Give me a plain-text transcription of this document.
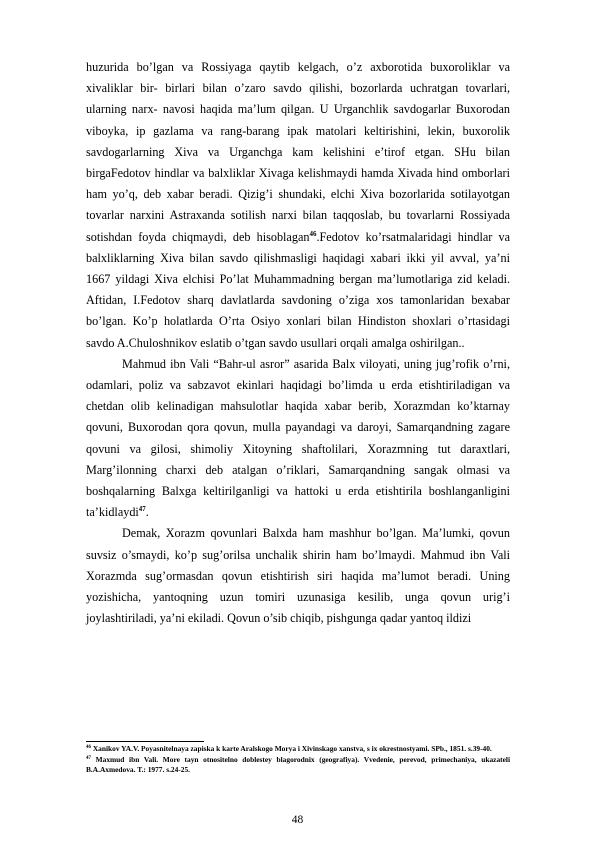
huzurida bo’lgan va Rossiyaga qaytib kelgach, o’z axborotida buxoroliklar va xivaliklar bir- birlari bilan o’zaro savdo qilishi, bozorlarda uchratgan tovarlari, ularning narx- navosi haqida ma’lum qilgan. U Urganchlik savdogarlar Buxorodan viboyka, ip gazlama va rang-barang ipak matolari keltirishini, lekin, buxorolik savdogarlarning Xiva va Urganchga kam kelishini e’tirof etgan. SHu bilan birgaFedotov hindlar va balxliklar Xivaga kelishmaydi hamda Xivada hind omborlari ham yo’q, deb xabar beradi. Qizig’i shundaki, elchi Xiva bozorlarida sotilayotgan tovarlar narxini Astraxanda sotilish narxi bilan taqqoslab, bu tovarlarni Rossiyada sotishdan foyda chiqmaydi, deb hisoblagan$^{46}$.Fedotov ko’rsatmalaridagi hindlar va balxliklarning Xiva bilan savdo qilishmasligi haqidagi xabari ikki yil avval, ya’ni 1667 yildagi Xiva elchisi Po’lat Muhammadning bergan ma’lumotlariga zid keladi. Aftidan, I.Fedotov sharq davlatlarda savdoning o’ziga xos tamonlaridan bexabar bo’lgan. Ko’p holatlarda O’rta Osiyo xonlari bilan Hindiston shoxlari o’rtasidagi savdo A.Chuloshnikov eslatib o’tgan savdo usullari orqali amalga oshirilgan..

Mahmud ibn Vali “Bahr-ul asror” asarida Balx viloyati, uning jug’rofik o’rni, odamlari, poliz va sabzavot ekinlari haqidagi bo’limda u erda etishtiriladigan va chetdan olib kelinadigan mahsulotlar haqida xabar berib, Xorazmdan ko’ktarnay qovuni, Buxorodan qora qovun, mulla payandagi va daroyi, Samarqandning zagare qovuni va gilosi, shimoliy Xitoyning shaftolilari, Xorazmning tut daraxtlari, Marg’ilonning charxi deb atalgan o’riklari, Samarqandning sangak olmasi va boshqalarning Balxga keltirilganligi va hattoki u erda etishtirila boshlanganligini ta’kidlaydi$^{47}$.

Demak, Xorazm qovunlari Balxda ham mashhur bo’lgan. Ma’lumki, qovun suvsiz o’smaydi, ko’p sug’orilsa unchalik shirin ham bo’lmaydi. Mahmud ibn Vali Xorazmda sug’ormasdan qovun etishtirish siri haqida ma’lumot beradi. Uning yozishicha, yantoqning uzun tomiri uzunasiga kesilib, unga qovun urig’i joylashtiriladi, ya’ni ekiladi. Qovun o’sib chiqib, pishgunga qadar yantoq ildizi

$^{46}$ Xanikov YA.V. Poyasnitelnaya zapiska k karte Aralskogo Morya i Xivinskago xanstva, s ix okrestnostyami. SPb., 1851. s.39-40.

$^{47}$ Maxmud ibn Vali. More tayn otnositelno doblestey blagorodnix (geografiya). Vvedenie, perevod, primechaniya, ukazateli B.A.Axmedova. T.: 1977. s.24-25.

48
